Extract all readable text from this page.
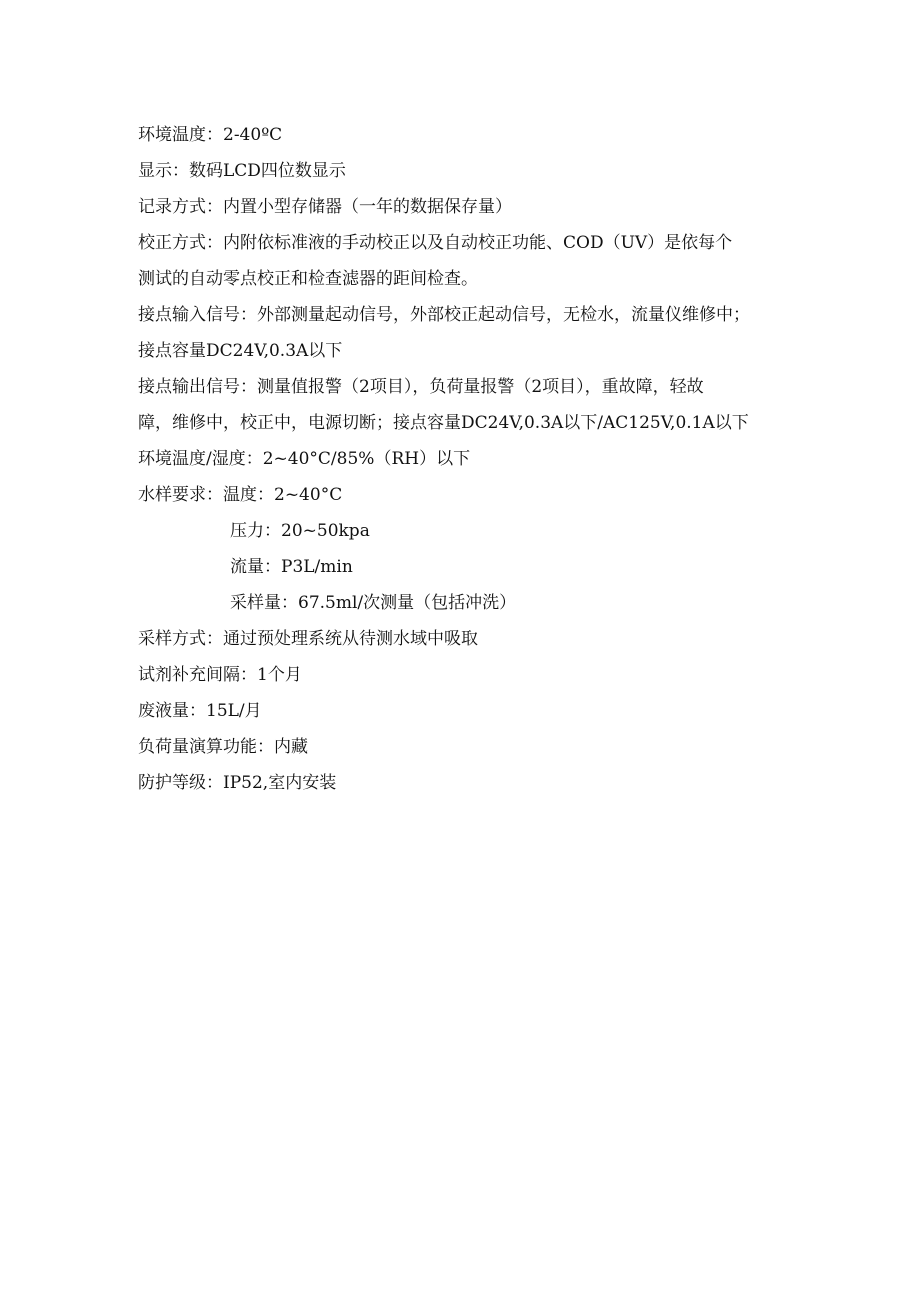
环境温度：2-40ºC

显示：数码LCD四位数显示

记录方式：内置小型存储器（一年的数据保存量）

校正方式：内附依标准液的手动校正以及自动校正功能、COD（UV）是依每个

测试的自动零点校正和检查滤器的距间检查。

接点输入信号：外部测量起动信号，外部校正起动信号，无检水，流量仪维修中；

接点容量DC24V,0.3A以下

接点输出信号：测量值报警（2项目），负荷量报警（2项目），重故障，轻故

障，维修中，校正中，电源切断；接点容量DC24V,0.3A以下/AC125V,0.1A以下

环境温度/湿度：2~40°C/85%（RH）以下

水样要求：温度：2~40°C

压力：20~50kpa

流量：P3L/min

采样量：67.5ml/次测量（包括冲洗）

采样方式：通过预处理系统从待测水域中吸取

试剂补充间隔：1个月

废液量：15L/月

负荷量演算功能：内藏

防护等级：IP52,室内安装
